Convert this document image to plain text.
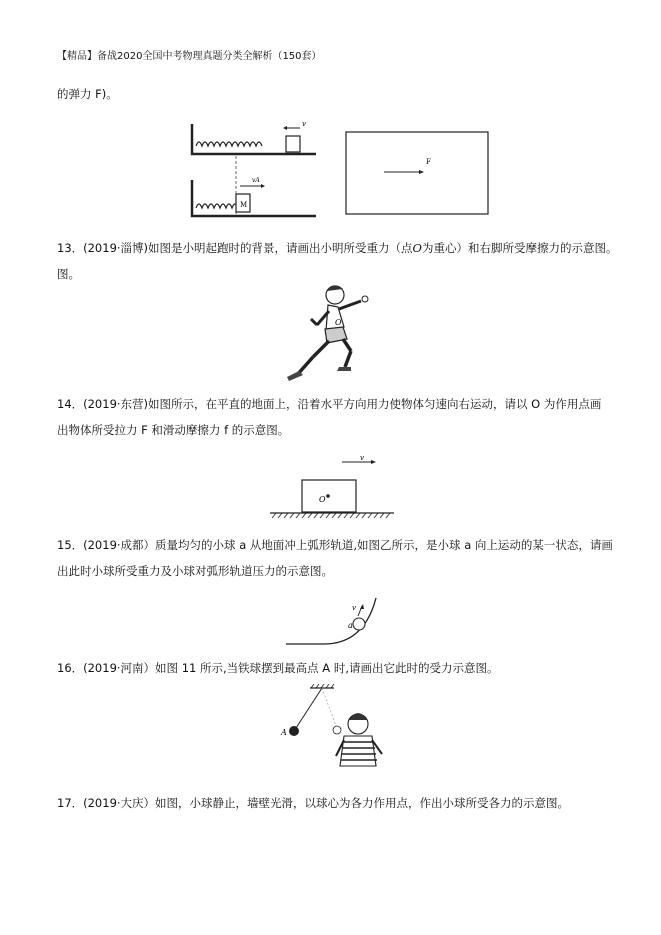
【精品】备战2020全国中考物理真题分类全解析（150套）
的弹力 F)。
v
M
vA
F
13．(2019·淄博)如图是小明起跑时的背景，请画出小明所受重力（点O为重心）和右脚所受摩擦力的示意图。
图。
O
14．(2019·东营)如图所示，在平直的地面上，沿着水平方向用力使物体匀速向右运动，请以 O 为作用点画
出物体所受拉力 F 和滑动摩擦力 f 的示意图。
v
O
15．(2019·成都）质量均匀的小球 a 从地面冲上弧形轨道,如图乙所示，是小球 a 向上运动的某一状态，请画
出此时小球所受重力及小球对弧形轨道压力的示意图。
a
v
16．(2019·河南）如图 11 所示,当铁球摆到最高点 A 时,请画出它此时的受力示意图。
A
17．(2019·大庆）如图，小球静止，墙壁光滑，以球心为各力作用点，作出小球所受各力的示意图。
